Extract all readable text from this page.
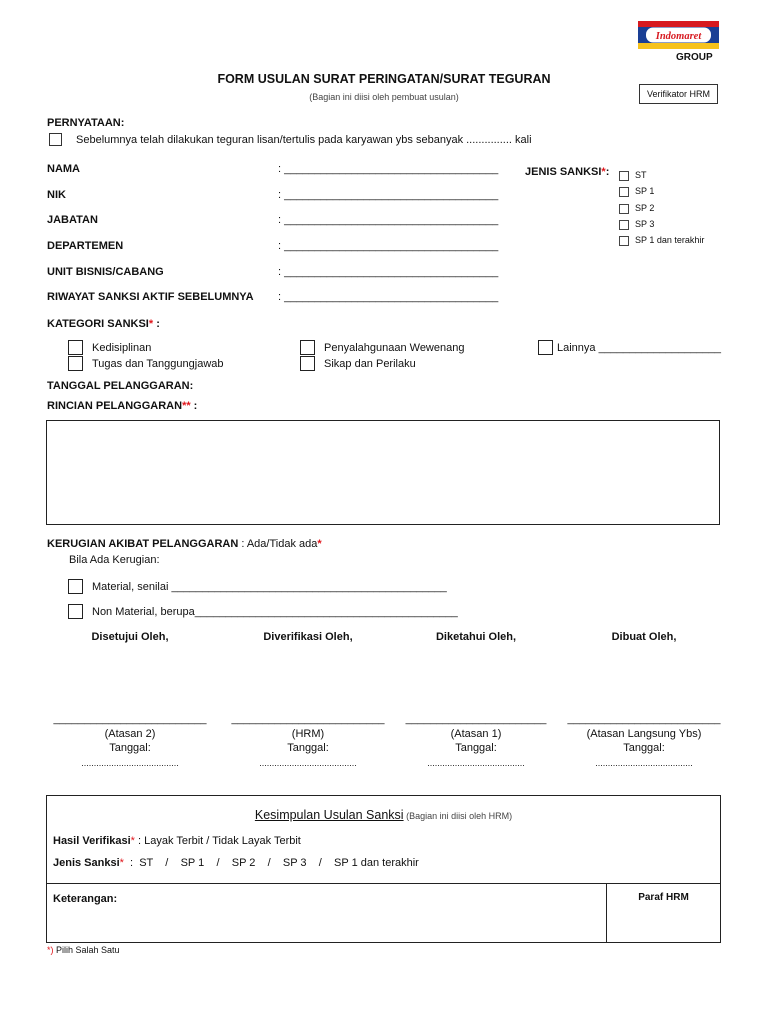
Indomaret
GROUP
FORM USULAN SURAT PERINGATAN/SURAT TEGURAN
(Bagian ini diisi oleh pembuat usulan)	Verifikator HRM
PERNYATAAN:
Sebelumnya telah dilakukan teguran lisan/tertulis pada karyawan ybs sebanyak ............... kali
NAMA	: ___________________________________
NIK	: ___________________________________
JABATAN	: ___________________________________
DEPARTEMEN	: ___________________________________
UNIT BISNIS/CABANG	: ___________________________________
RIWAYAT SANKSI AKTIF SEBELUMNYA : ___________________________________
JENIS SANKSI*:	ST
SP 1
SP 2
SP 3
SP 1 dan terakhir
KATEGORI SANKSI* :
Kedisiplinan
Tugas dan Tanggungjawab
Penyalahgunaan Wewenang
Sikap dan Perilaku
Lainnya ____________________
TANGGAL PELANGGARAN:
RINCIAN PELANGGARAN** :
KERUGIAN AKIBAT PELANGGARAN : Ada/Tidak ada*
Bila Ada Kerugian:
Material, senilai _____________________________________________
Non Material, berupa___________________________________________
Disetujui Oleh,	Diverifikasi Oleh,	Diketahui Oleh,	Dibuat Oleh,
_________________________ _________________________ _______________________ _________________________
(Atasan 2)	(HRM)	(Atasan 1)	(Atasan Langsung Ybs)
Tanggal:	Tanggal:	Tanggal:	Tanggal:
.......................................	.......................................	.......................................	.......................................
Kesimpulan Usulan Sanksi (Bagian ini diisi oleh HRM)
Hasil Verifikasi* : Layak Terbit / Tidak Layak Terbit
Jenis Sanksi*  :  ST    /    SP 1    /    SP 2    /    SP 3    /    SP 1 dan terakhir
Keterangan:	Paraf HRM
*) Pilih Salah Satu
